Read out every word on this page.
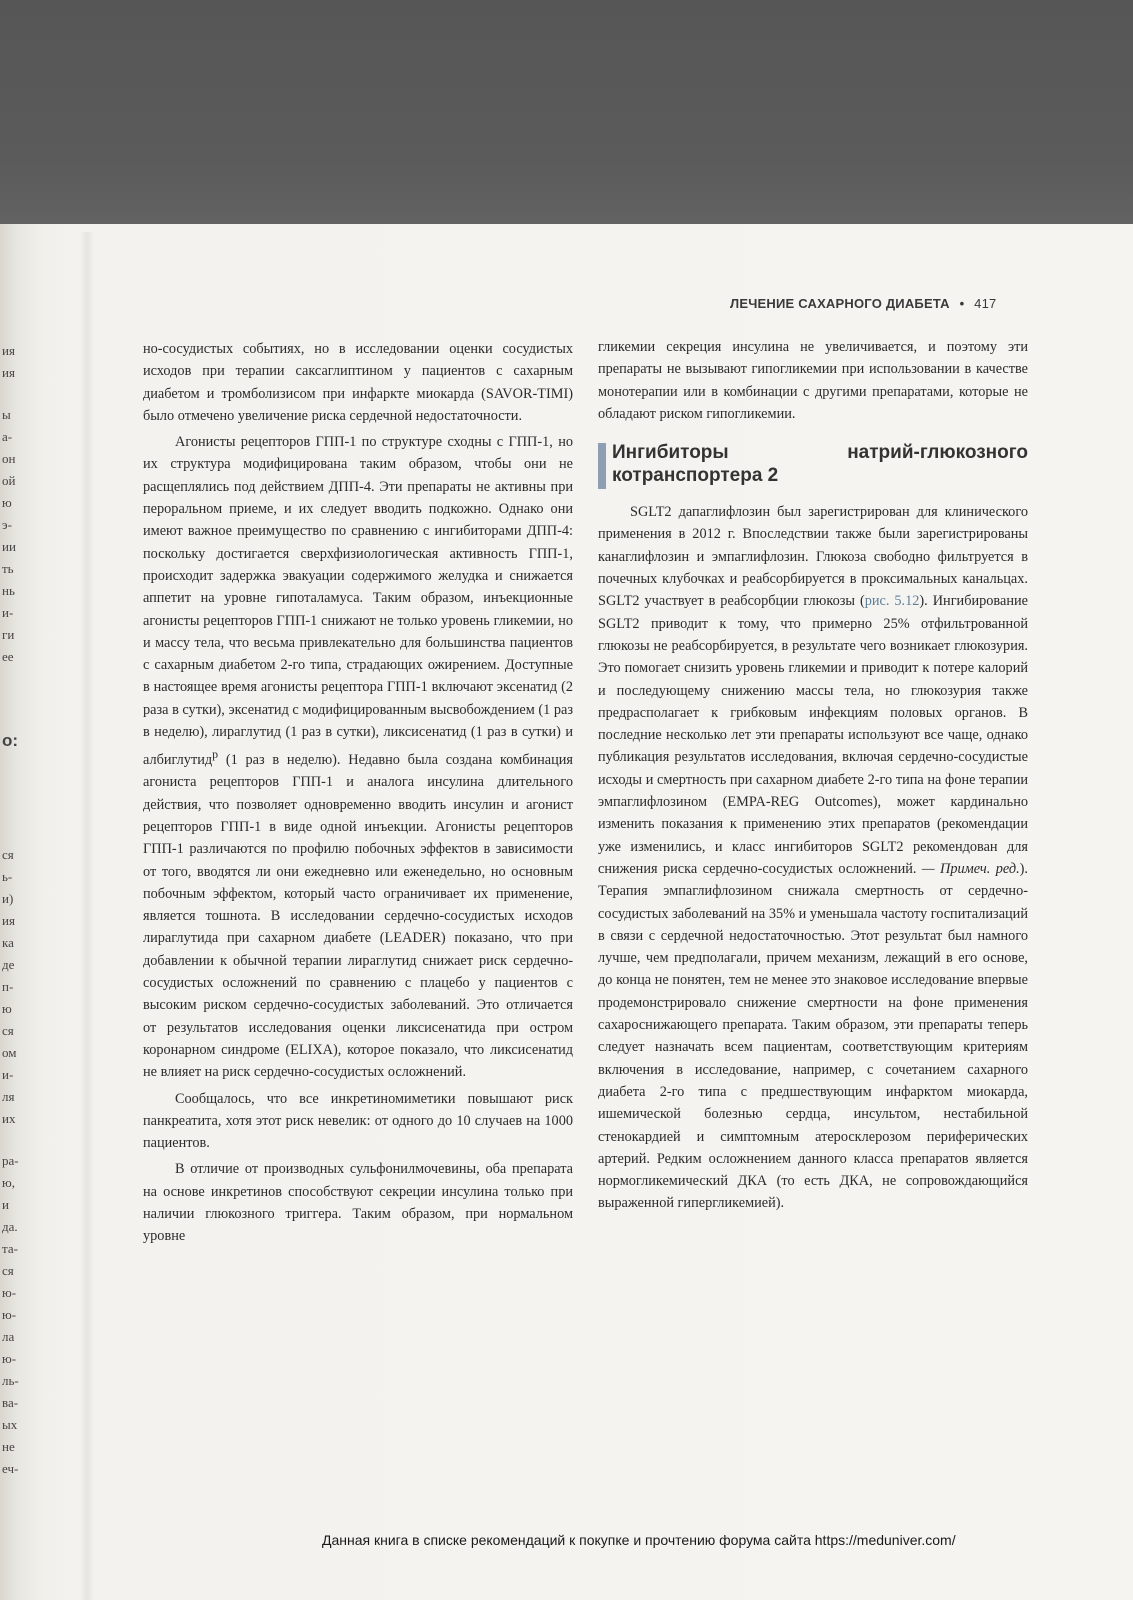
ия
ия
ы
а-
он
ой
ю
э-
ии
ть
нь
и-
ги
ее
о:
ся
ь-
и)
ия
ка
де
п-
ю
ся
ом
и-
ля
их
ра-
ю,
и
да.
та-
ся
ю-
ю-
ла
ю-
ль-
ва-
ых
не
еч-
ЛЕЧЕНИЕ САХАРНОГО ДИАБЕТА • 417

но-сосудистых событиях, но в исследовании оценки сосудистых исходов при терапии саксаглиптином у пациентов с сахарным диабетом и тромболизисом при инфаркте миокарда (SAVOR-TIMI) было отмечено увеличение риска сердечной недостаточности.

Агонисты рецепторов ГПП-1 по структуре сходны с ГПП-1, но их структура модифицирована таким образом, чтобы они не расщеплялись под действием ДПП-4. Эти препараты не активны при пероральном приеме, и их следует вводить подкожно. Однако они имеют важное преимущество по сравнению с ингибиторами ДПП-4: поскольку достигается сверхфизиологическая активность ГПП-1, происходит задержка эвакуации содержимого желудка и снижается аппетит на уровне гипоталамуса. Таким образом, инъекционные агонисты рецепторов ГПП-1 снижают не только уровень гликемии, но и массу тела, что весьма привлекательно для большинства пациентов с сахарным диабетом 2-го типа, страдающих ожирением. Доступные в настоящее время агонисты рецептора ГПП-1 включают эксенатид (2 раза в сутки), эксенатид с модифицированным высвобождением (1 раз в неделю), лираглутид (1 раз в сутки), ликсисенатид (1 раз в сутки) и албиглутид$^р$ (1 раз в неделю). Недавно была создана комбинация агониста рецепторов ГПП-1 и аналога инсулина длительного действия, что позволяет одновременно вводить инсулин и агонист рецепторов ГПП-1 в виде одной инъекции. Агонисты рецепторов ГПП-1 различаются по профилю побочных эффектов в зависимости от того, вводятся ли они ежедневно или еженедельно, но основным побочным эффектом, который часто ограничивает их применение, является тошнота. В исследовании сердечно-сосудистых исходов лираглутида при сахарном диабете (LEADER) показано, что при добавлении к обычной терапии лираглутид снижает риск сердечно-сосудистых осложнений по сравнению с плацебо у пациентов с высоким риском сердечно-сосудистых заболеваний. Это отличается от результатов исследования оценки ликсисенатида при остром коронарном синдроме (ELIXA), которое показало, что ликсисенатид не влияет на риск сердечно-сосудистых осложнений.

Сообщалось, что все инкретиномиметики повышают риск панкреатита, хотя этот риск невелик: от одного до 10 случаев на 1000 пациентов.

В отличие от производных сульфонилмочевины, оба препарата на основе инкретинов способствуют секреции инсулина только при наличии глюкозного триггера. Таким образом, при нормальном уровне

гликемии секреция инсулина не увеличивается, и поэтому эти препараты не вызывают гипогликемии при использовании в качестве монотерапии или в комбинации с другими препаратами, которые не обладают риском гипогликемии.

Ингибиторы натрий-глюкозного котранспортера 2

SGLT2 дапаглифлозин был зарегистрирован для клинического применения в 2012 г. Впоследствии также были зарегистрированы канаглифлозин и эмпаглифлозин. Глюкоза свободно фильтруется в почечных клубочках и реабсорбируется в проксимальных канальцах. SGLT2 участвует в реабсорбции глюкозы (рис. 5.12). Ингибирование SGLT2 приводит к тому, что примерно 25% отфильтрованной глюкозы не реабсорбируется, в результате чего возникает глюкозурия. Это помогает снизить уровень гликемии и приводит к потере калорий и последующему снижению массы тела, но глюкозурия также предрасполагает к грибковым инфекциям половых органов. В последние несколько лет эти препараты используют все чаще, однако публикация результатов исследования, включая сердечно-сосудистые исходы и смертность при сахарном диабете 2-го типа на фоне терапии эмпаглифлозином (EMPA-REG Outcomes), может кардинально изменить показания к применению этих препаратов (рекомендации уже изменились, и класс ингибиторов SGLT2 рекомендован для снижения риска сердечно-сосудистых осложнений. — Примеч. ред.). Терапия эмпаглифлозином снижала смертность от сердечно-сосудистых заболеваний на 35% и уменьшала частоту госпитализаций в связи с сердечной недостаточностью. Этот результат был намного лучше, чем предполагали, причем механизм, лежащий в его основе, до конца не понятен, тем не менее это знаковое исследование впервые продемонстрировало снижение смертности на фоне применения сахароснижающего препарата. Таким образом, эти препараты теперь следует назначать всем пациентам, соответствующим критериям включения в исследование, например, с сочетанием сахарного диабета 2-го типа с предшествующим инфарктом миокарда, ишемической болезнью сердца, инсультом, нестабильной стенокардией и симптомным атеросклерозом периферических артерий. Редким осложнением данного класса препаратов является нормогликемический ДКА (то есть ДКА, не сопровождающийся выраженной гипергликемией).

Данная книга в списке рекомендаций к покупке и прочтению форума сайта https://meduniver.com/
